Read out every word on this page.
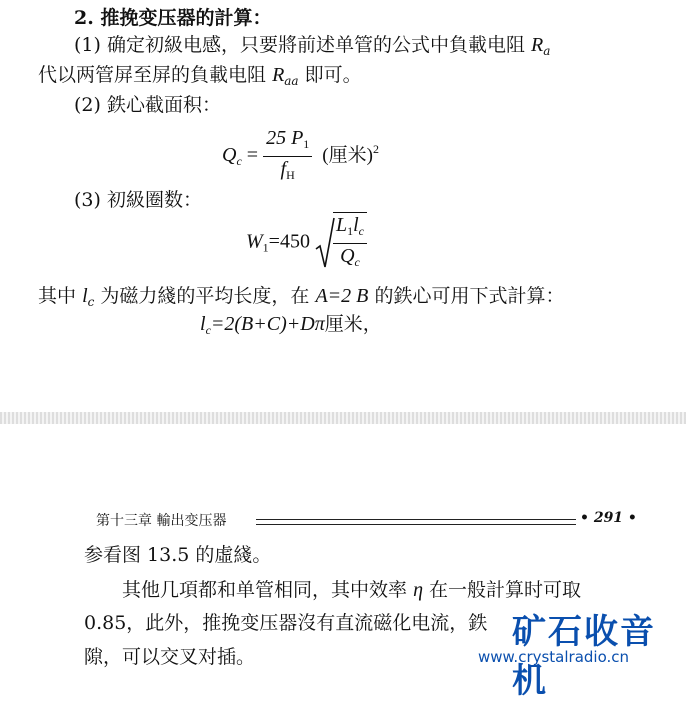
2. 推挽变压器的計算：
(1) 确定初級电感，只要將前述单管的公式中負載电阻 $R_a$
代以两管屏至屏的負載电阻 $R_{aa}$ 即可。
(2) 鉄心截面积：
$Q_c = \frac{25 P_1}{f_H}$ (厘米)$^2$
(3) 初級圈数：
$W_1=450 \frac{L_1l_c}{Q_c}$
其中 $l_c$ 为磁力綫的平均长度，在 A=2 B 的鉄心可用下式計算：
$l_c=2(B+C)+D\pi$厘米，
第十三章 輸出变压器	• 291 •
参看图 13.5 的虛綫。
其他几項都和单管相同，其中效率 η 在一般計算时可取
0.85，此外，推挽变压器沒有直流磁化电流，鉄
隙，可以交叉对插。
矿石收音机
www.crystalradio.cn
